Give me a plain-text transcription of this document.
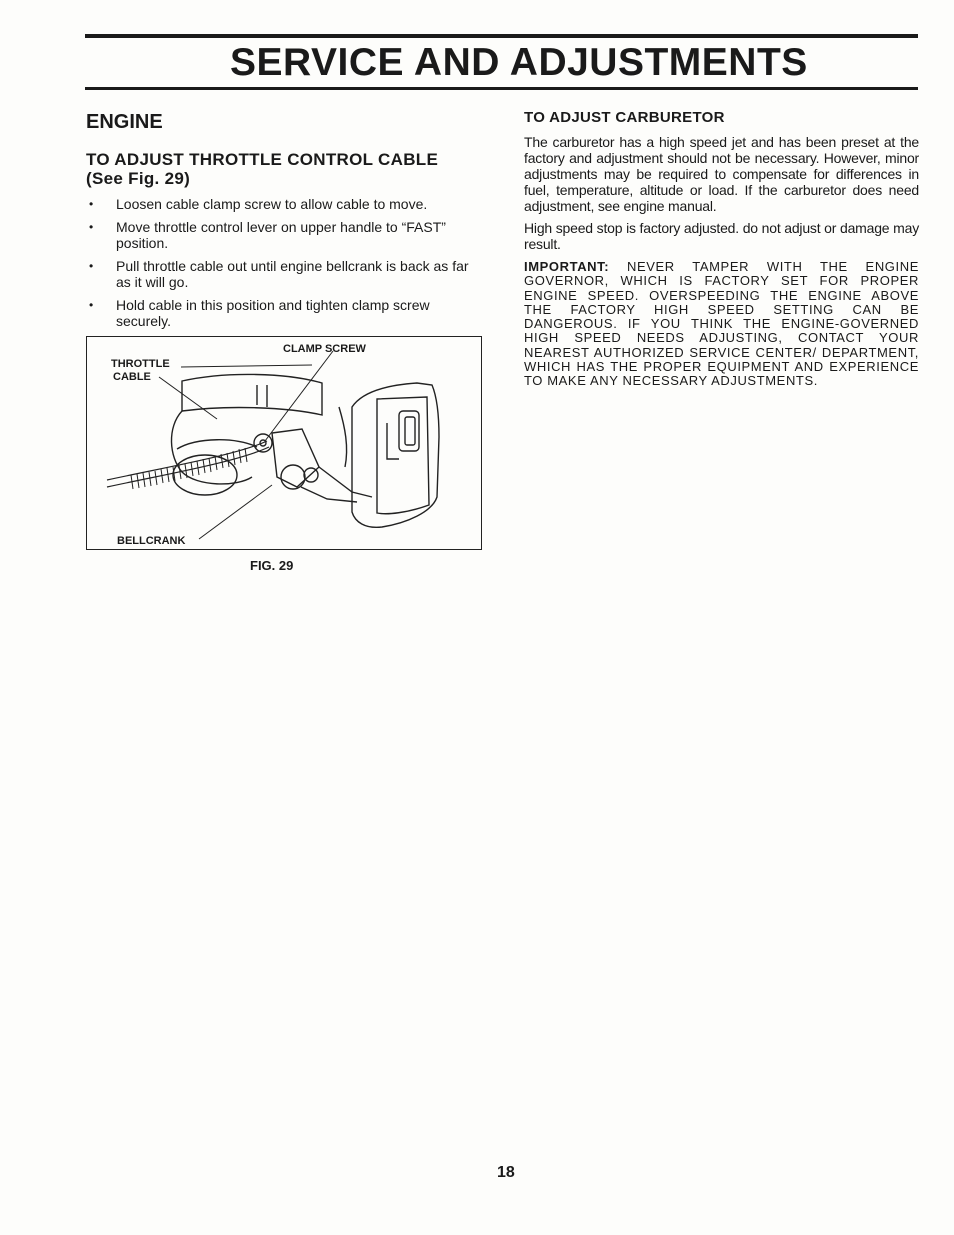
SERVICE AND ADJUSTMENTS
ENGINE
TO ADJUST THROTTLE CONTROL CABLE
(See Fig. 29)
• Loosen cable clamp screw to allow cable to move.
• Move throttle control lever on upper handle to “FAST” position.
• Pull throttle cable out until engine bellcrank is back as far as it will go.
• Hold cable in this position and tighten clamp screw securely.
CLAMP SCREW
THROTTLE
CABLE
BELLCRANK
FIG. 29
TO ADJUST CARBURETOR

The carburetor has a high speed jet and has been preset at the factory and adjustment should not be necessary. However, minor adjustments may be required to compensate for differences in fuel, temperature, altitude or load. If the carburetor does need adjustment, see engine manual.

High speed stop is factory adjusted. do not adjust or damage may result.

IMPORTANT: NEVER TAMPER WITH THE ENGINE GOVERNOR, WHICH IS FACTORY SET FOR PROPER ENGINE SPEED. OVERSPEEDING THE ENGINE ABOVE THE FACTORY HIGH SPEED SETTING CAN BE DANGEROUS. IF YOU THINK THE ENGINE-GOVERNED HIGH SPEED NEEDS ADJUSTING, CONTACT YOUR NEAREST AUTHORIZED SERVICE CENTER/ DEPARTMENT, WHICH HAS THE PROPER EQUIPMENT AND EXPERIENCE TO MAKE ANY NECESSARY ADJUSTMENTS.

18
